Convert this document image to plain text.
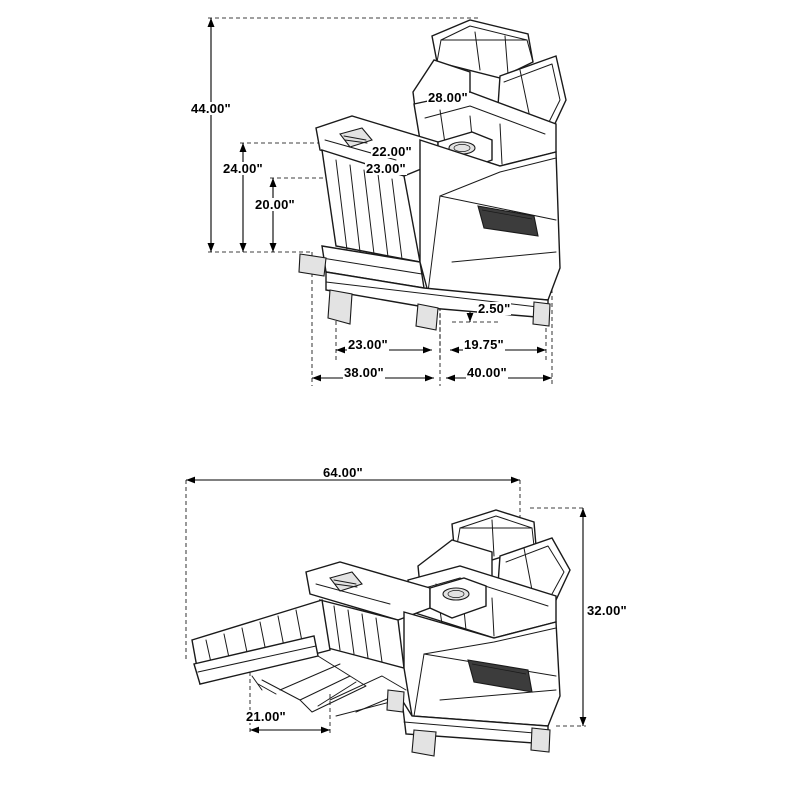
44.00"
28.00"
24.00"
22.00"
23.00"
20.00"
2.50"
23.00"	19.75"
38.00"	40.00"
64.00"
32.00"
21.00"
